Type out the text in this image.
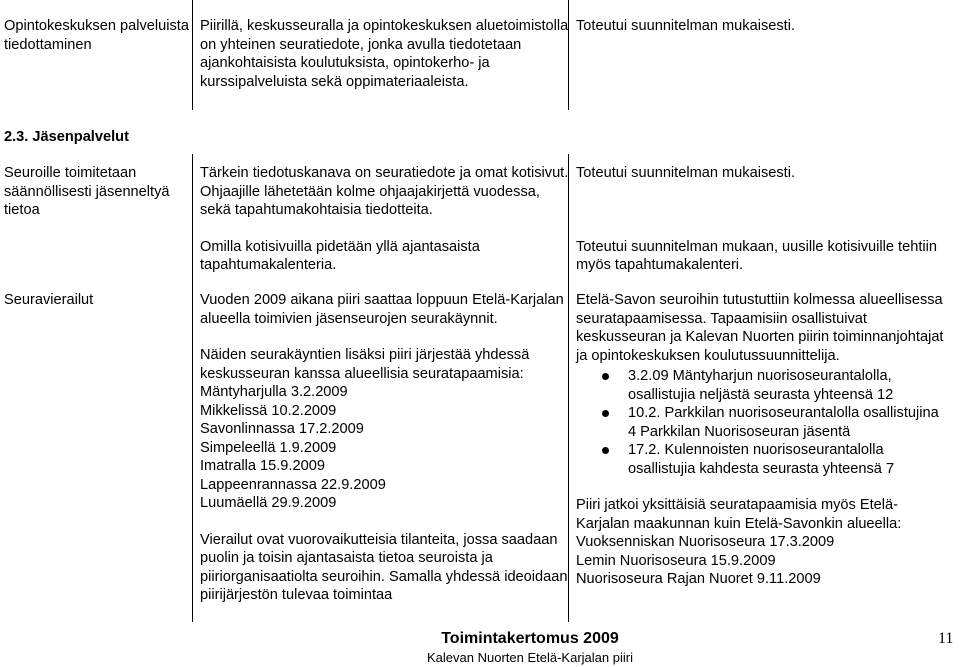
Opintokeskuksen palveluista tiedottaminen

Piirillä, keskusseuralla ja opintokeskuksen aluetoimistolla on yhteinen seuratiedote, jonka avulla tiedotetaan ajankohtaisista koulutuksista, opintokerho- ja kurssipalveluista sekä oppimateriaaleista.

Toteutui suunnitelman mukaisesti.

2.3. Jäsenpalvelut

Seuroille toimitetaan säännöllisesti jäsenneltyä tietoa

Tärkein tiedotuskanava on seuratiedote ja omat kotisivut. Ohjaajille lähetetään kolme ohjaajakirjettä vuodessa, sekä tapahtumakohtaisia tiedotteita.

Omilla kotisivuilla pidetään yllä ajantasaista tapahtumakalenteria.

Toteutui suunnitelman mukaisesti.

Toteutui suunnitelman mukaan, uusille kotisivuille tehtiin myös tapahtumakalenteri.

Seuravierailut	Vuoden 2009 aikana piiri saattaa loppuun Etelä-Karjalan alueella toimivien jäsenseurojen seurakäynnit.

Näiden seurakäyntien lisäksi piiri järjestää yhdessä keskusseuran kanssa alueellisia seuratapaamisia:

Mäntyharjulla 3.2.2009
Mikkelissä 10.2.2009
Savonlinnassa 17.2.2009
Simpeleellä 1.9.2009
Imatralla 15.9.2009
Lappeenrannassa 22.9.2009
Luumäellä 29.9.2009

Vierailut ovat vuorovaikutteisia tilanteita, jossa saadaan puolin ja toisin ajantasaista tietoa seuroista ja piiriorganisaatiolta seuroihin. Samalla yhdessä ideoidaan piirijärjestön tulevaa toimintaa

Etelä-Savon seuroihin tutustuttiin kolmessa alueellisessa seuratapaamisessa. Tapaamisiin osallistuivat keskusseuran ja Kalevan Nuorten piirin toiminnanjohtajat ja opintokeskuksen koulutussuunnittelija.

3.2.09 Mäntyharjun nuorisoseurantalolla, osallistujia neljästä seurasta yhteensä 12
10.2. Parkkilan nuorisoseurantalolla osallistujina 4 Parkkilan Nuorisoseuran jäsentä
17.2. Kulennoisten nuorisoseurantalolla osallistujia kahdesta seurasta yhteensä 7

Piiri jatkoi yksittäisiä seuratapaamisia myös Etelä-Karjalan maakunnan kuin Etelä-Savonkin alueella:

Vuoksenniskan Nuorisoseura 17.3.2009
Lemin Nuorisoseura 15.9.2009
Nuorisoseura Rajan Nuoret 9.11.2009
Toimintakertomus 2009
Kalevan Nuorten Etelä-Karjalan piiri
11
